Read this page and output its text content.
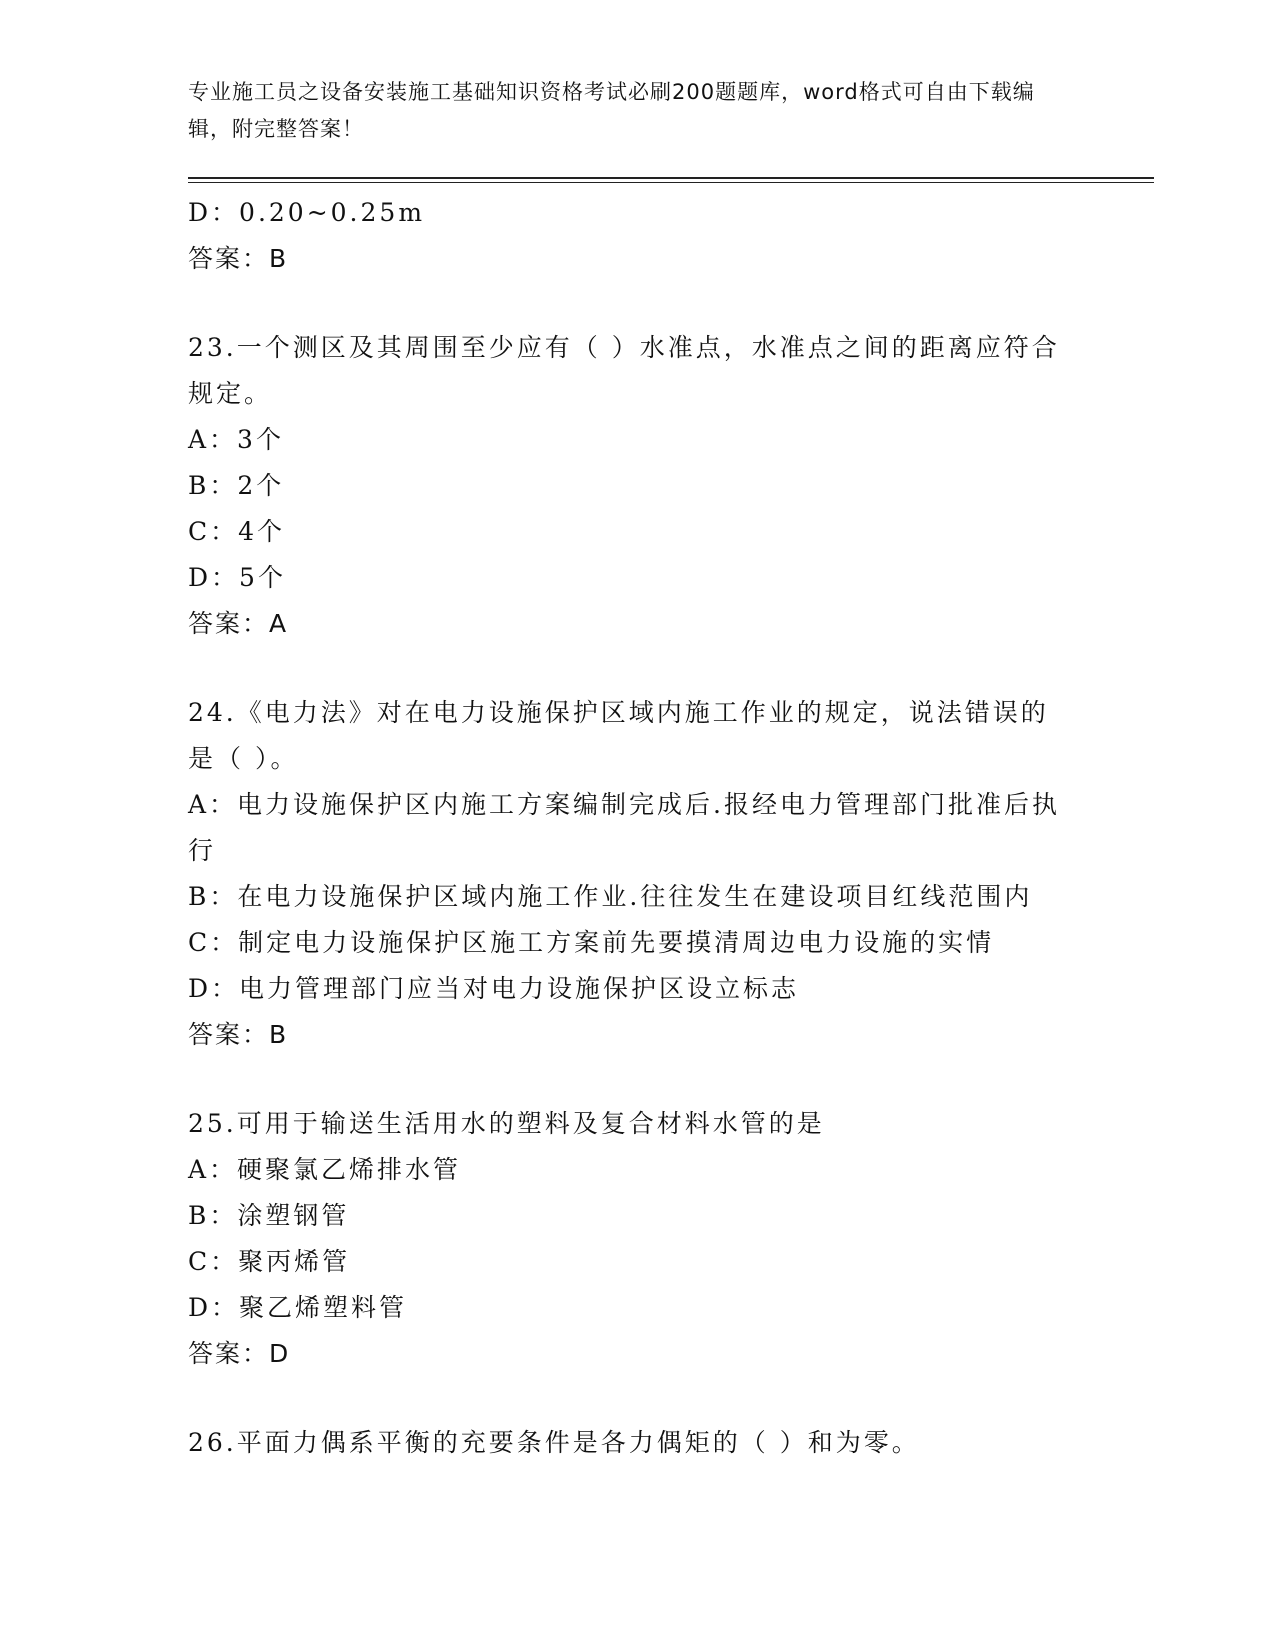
专业施工员之设备安装施工基础知识资格考试必刷200题题库，word格式可自由下载编辑，附完整答案！
D：0.20~0.25m
答案：B
23.一个测区及其周围至少应有（ ）水准点，水准点之间的距离应符合规定。
A：3个
B：2个
C：4个
D：5个
答案：A
24.《电力法》对在电力设施保护区域内施工作业的规定，说法错误的是（ ）。
A：电力设施保护区内施工方案编制完成后.报经电力管理部门批准后执行
B：在电力设施保护区域内施工作业.往往发生在建设项目红线范围内
C：制定电力设施保护区施工方案前先要摸清周边电力设施的实情
D：电力管理部门应当对电力设施保护区设立标志
答案：B
25.可用于输送生活用水的塑料及复合材料水管的是
A：硬聚氯乙烯排水管
B：涂塑钢管
C：聚丙烯管
D：聚乙烯塑料管
答案：D
26.平面力偶系平衡的充要条件是各力偶矩的（ ）和为零。
